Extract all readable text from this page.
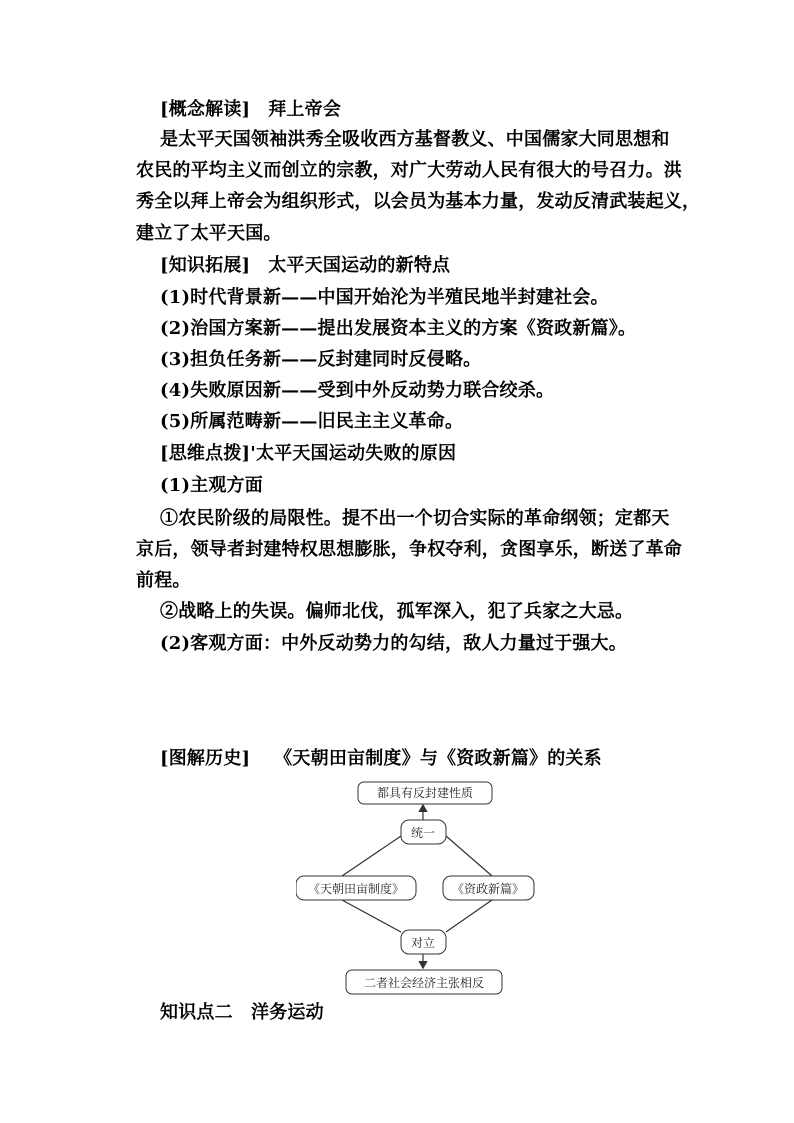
[概念解读] 拜上帝会
是太平天国领袖洪秀全吸收西方基督教义、中国儒家大同思想和
农民的平均主义而创立的宗教，对广大劳动人民有很大的号召力。洪
秀全以拜上帝会为组织形式，以会员为基本力量，发动反清武装起义，
建立了太平天国。
[知识拓展] 太平天国运动的新特点
(1)时代背景新——中国开始沦为半殖民地半封建社会。
(2)治国方案新——提出发展资本主义的方案《资政新篇》。
(3)担负任务新——反封建同时反侵略。
(4)失败原因新——受到中外反动势力联合绞杀。
(5)所属范畴新——旧民主主义革命。
[思维点拨]'太平天国运动失败的原因
(1)主观方面
①农民阶级的局限性。提不出一个切合实际的革命纲领；定都天
京后，领导者封建特权思想膨胀，争权夺利，贪图享乐，断送了革命
前程。
②战略上的失误。偏师北伐，孤军深入，犯了兵家之大忌。
(2)客观方面：中外反动势力的勾结，敌人力量过于强大。
[图解历史] 《天朝田亩制度》与《资政新篇》的关系
都具有反封建性质
统一
《天朝田亩制度》	《资政新篇》
对立
二者社会经济主张相反
知识点二　洋务运动
